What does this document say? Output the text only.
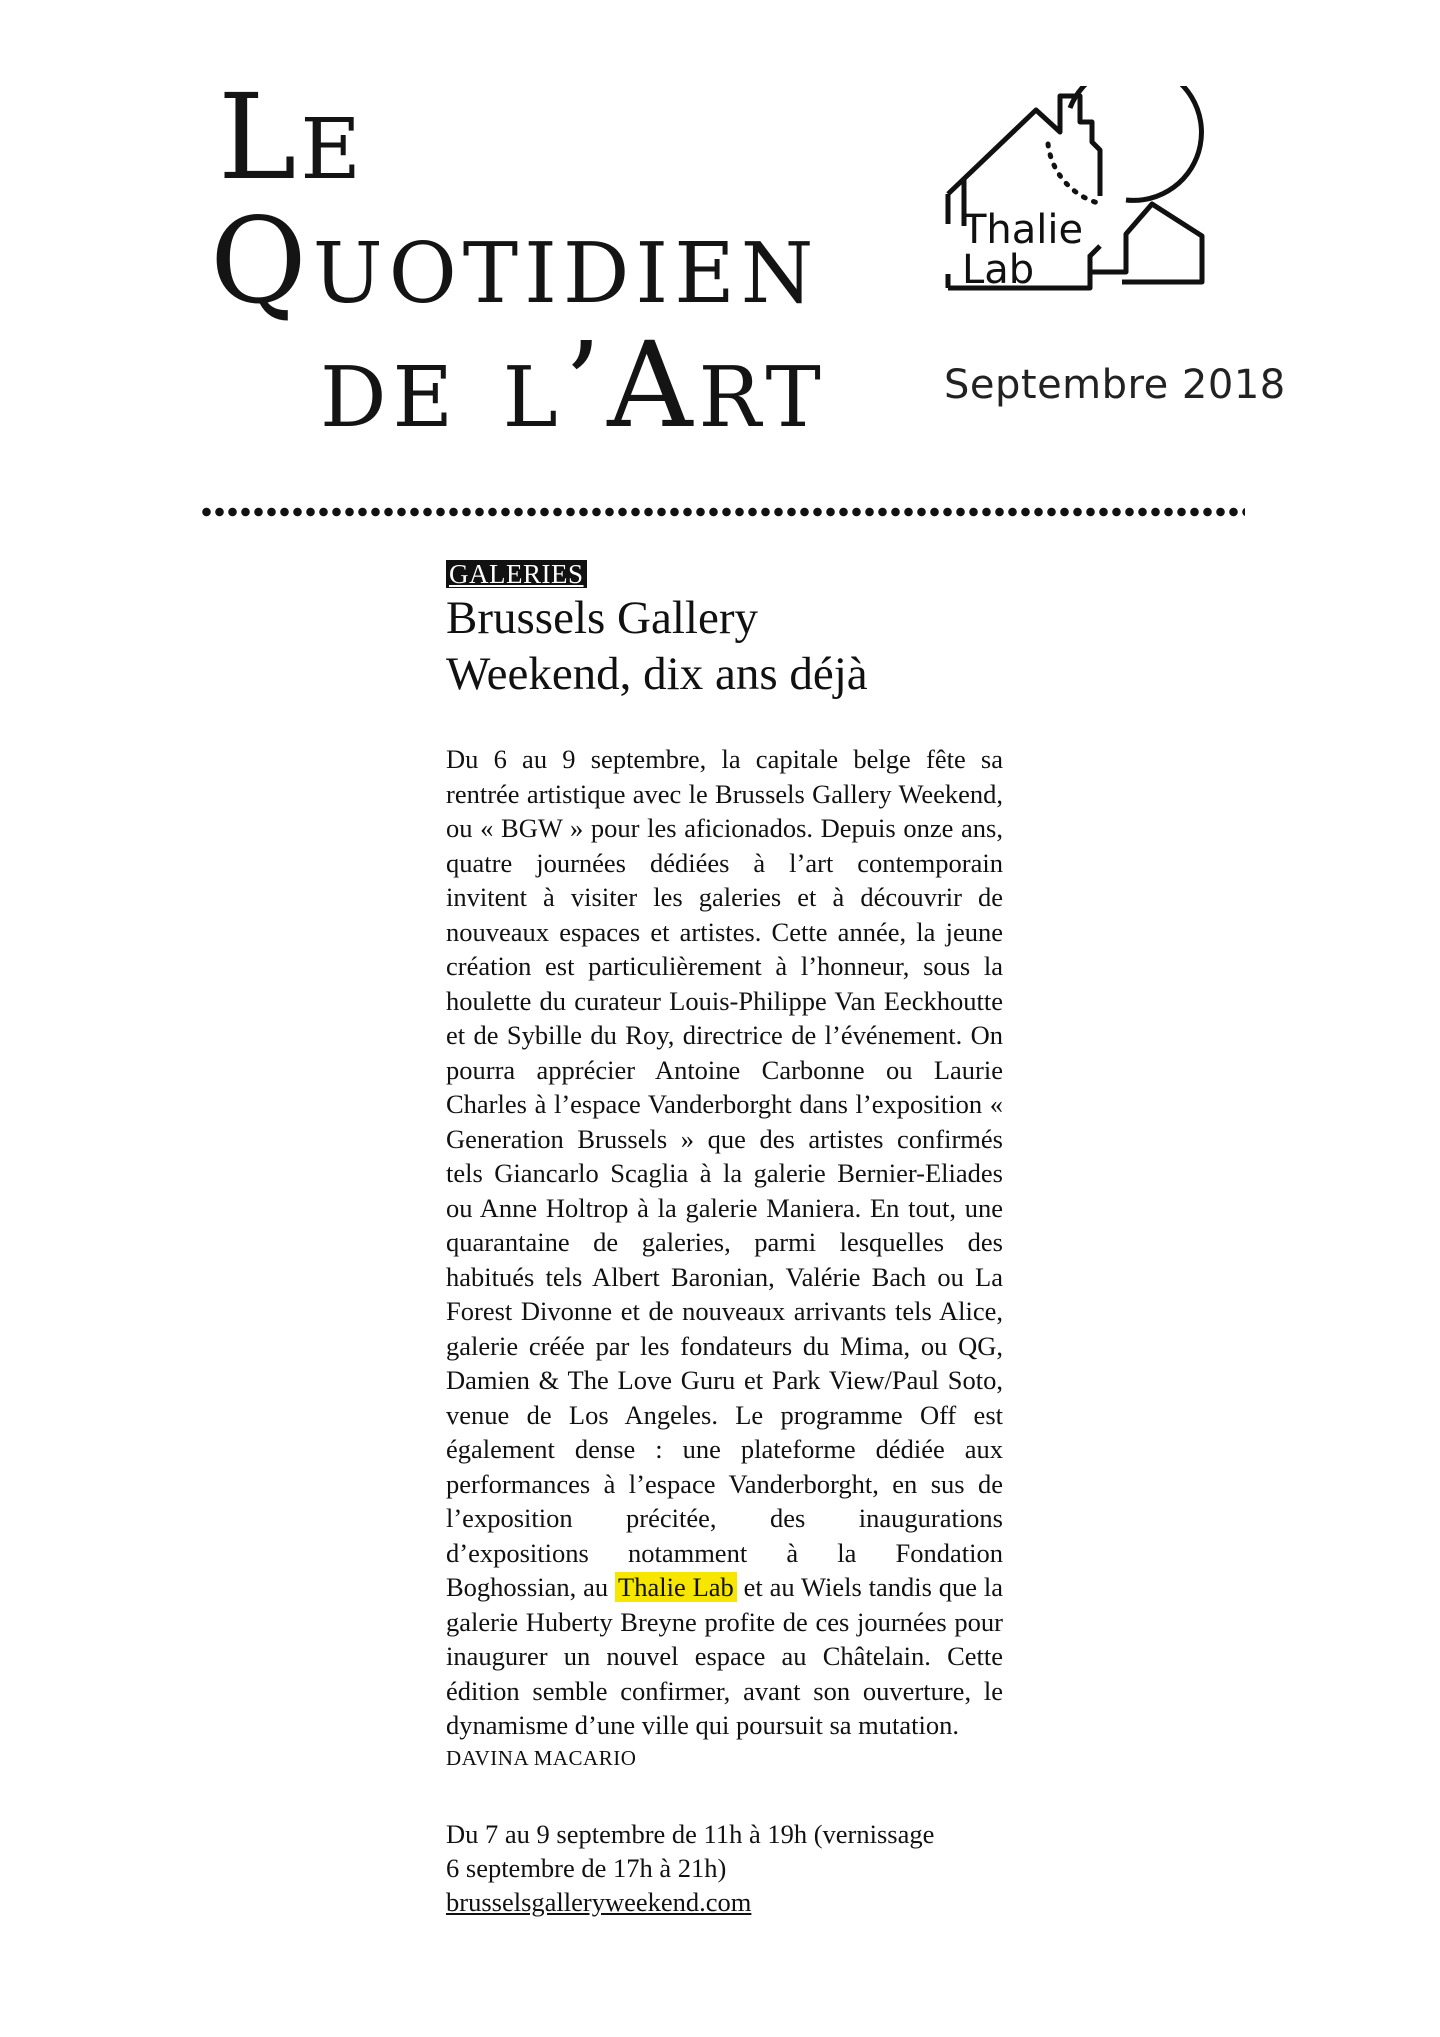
Le
Quotidien
de l’Art
Thalie
Lab
Septembre 2018
GALERIES
Brussels Gallery
Weekend, dix ans déjà

Du 6 au 9 septembre, la capitale belge fête sa rentrée artistique avec le Brussels Gallery Weekend, ou « BGW » pour les aficionados. Depuis onze ans, quatre journées dédiées à l’art contemporain invitent à visiter les galeries et à découvrir de nouveaux espaces et artistes. Cette année, la jeune création est particulièrement à l’honneur, sous la houlette du curateur Louis-Philippe Van Eeckhoutte et de Sybille du Roy, directrice de l’événement. On pourra apprécier Antoine Carbonne ou Laurie Charles à l’espace Vanderborght dans l’exposition « Generation Brussels » que des artistes confirmés tels Giancarlo Scaglia à la galerie Bernier-Eliades ou Anne Holtrop à la galerie Maniera. En tout, une quarantaine de galeries, parmi lesquelles des habitués tels Albert Baronian, Valérie Bach ou La Forest Divonne et de nouveaux arrivants tels Alice, galerie créée par les fondateurs du Mima, ou QG, Damien & The Love Guru et Park View/Paul Soto, venue de Los Angeles. Le programme Off est également dense : une plateforme dédiée aux performances à l’espace Vanderborght, en sus de l’exposition précitée, des inaugurations d’expositions notamment à la Fondation Boghossian, au Thalie Lab et au Wiels tandis que la galerie Huberty Breyne profite de ces journées pour inaugurer un nouvel espace au Châtelain. Cette édition semble confirmer, avant son ouverture, le dynamisme d’une ville qui poursuit sa mutation.

DAVINA MACARIO
Du 7 au 9 septembre de 11h à 19h (vernissage
6 septembre de 17h à 21h)
brusselsgalleryweekend.com
